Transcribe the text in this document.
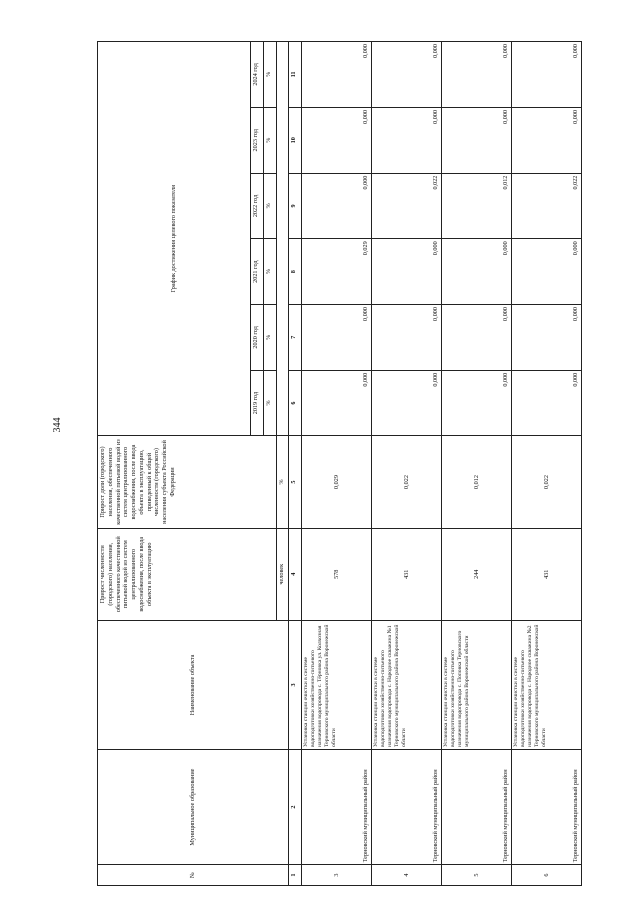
344
№	Муниципальное образование	Наименование объекта	Прирост численности (городского) населения, обеспеченного качественной питьевой водой из систем централизованного водоснабжения, после ввода объекта в эксплуатацию	Прирост доли (городского) населения, обеспеченного качественной питьевой водой из систем централизованного водоснабжения, после ввода объекта в эксплуатацию, приведенный к общей численности (городского) населения субъекта Российской Федерации	График достижения целевого показателя					
					2019 год	2020 год	2021 год	2022 год	2023 год	2024 год
					%	%	%	%	%	%
			человек	%						
1	2	3	4	5	6	7	8	9	10	11
3	Терновский муниципальный район	Установка станции очистки в системе водоподготовки хозяйственно-питьевого назначения водопровода с. Тёрновка ул. Колхозная Терновского муниципального района Воронежской области	578	0,029	0,000	0,000	0,029	0,000	0,000	0,000
4	Терновский муниципальный район	Установка станции очистки в системе водоподготовки хозяйственно-питьевого назначения водопровода с. Народное скважина №1 Терновского муниципального района Воронежской области	431	0,022	0,000	0,000	0,000	0,022	0,000	0,000
5	Терновский муниципальный район	Установка станции очистки в системе водоподготовки хозяйственно-питьевого назначения водопровода с. Поповка Терновского муниципального района Воронежской области	244	0,012	0,000	0,000	0,000	0,012	0,000	0,000
6	Терновский муниципальный район	Установка станции очистки в системе водоподготовки хозяйственно-питьевого назначения водопровода с. Народное скважина №2 Терновского муниципального района Воронежской области	431	0,022	0,000	0,000	0,000	0,022	0,000	0,000
